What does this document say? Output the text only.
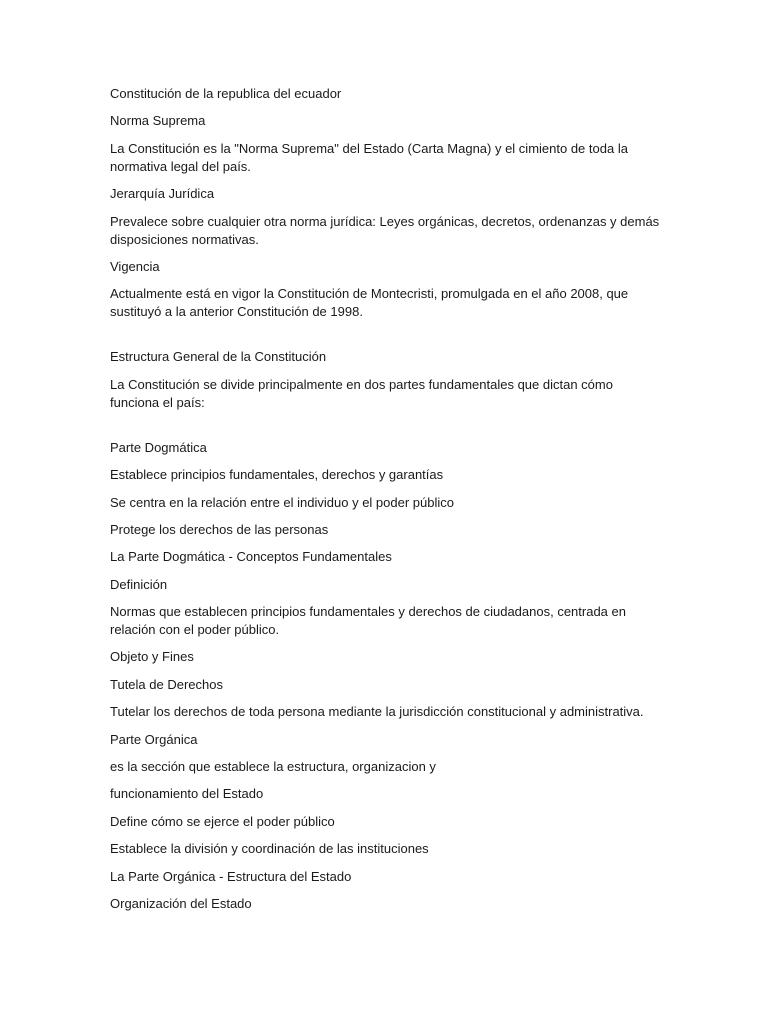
Constitución de la republica del ecuador

Norma Suprema

La Constitución es la "Norma Suprema" del Estado (Carta Magna) y el cimiento de toda la normativa legal del país.

Jerarquía Jurídica

Prevalece sobre cualquier otra norma jurídica: Leyes orgánicas, decretos, ordenanzas y demás disposiciones normativas.

Vigencia

Actualmente está en vigor la Constitución de Montecristi, promulgada en el año 2008, que sustituyó a la anterior Constitución de 1998.

Estructura General de la Constitución

La Constitución se divide principalmente en dos partes fundamentales que dictan cómo funciona el país:

Parte Dogmática

Establece principios fundamentales, derechos y garantías

Se centra en la relación entre el individuo y el poder público

Protege los derechos de las personas

La Parte Dogmática - Conceptos Fundamentales

Definición

Normas que establecen principios fundamentales y derechos de ciudadanos, centrada en relación con el poder público.

Objeto y Fines

Tutela de Derechos

Tutelar los derechos de toda persona mediante la jurisdicción constitucional y administrativa.

Parte Orgánica

es la sección que establece la estructura, organizacion y

funcionamiento del Estado

Define cómo se ejerce el poder público

Establece la división y coordinación de las instituciones

La Parte Orgánica - Estructura del Estado

Organización del Estado
